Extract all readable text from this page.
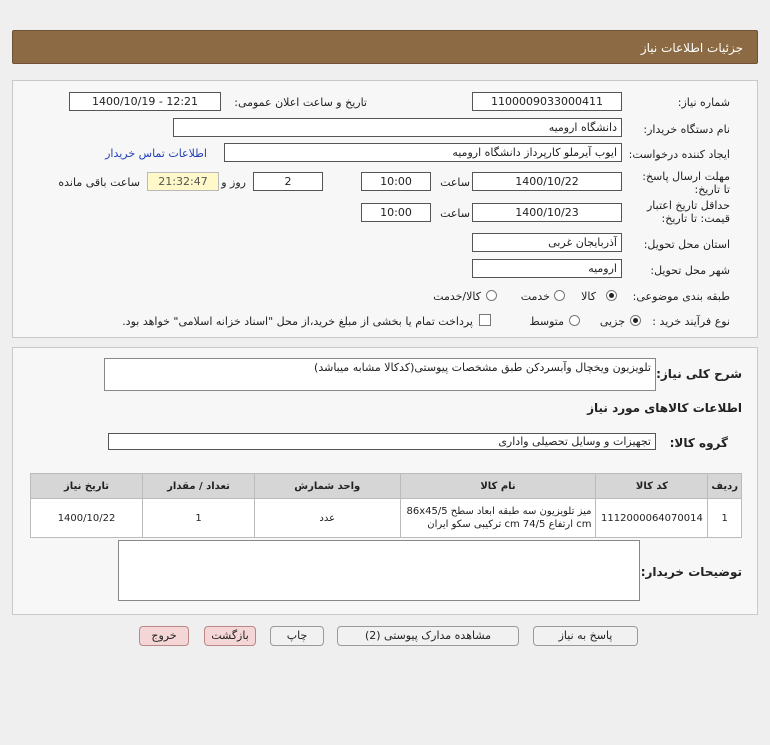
جزئیات اطلاعات نیاز
شماره نیاز:
1100009033000411
تاریخ و ساعت اعلان عمومی:
1400/10/19 - 12:21
نام دستگاه خریدار:
دانشگاه ارومیه
ایجاد کننده درخواست:
ایوب آیرملو کارپرداز دانشگاه ارومیه
اطلاعات تماس خریدار
مهلت ارسال پاسخ: تا تاریخ:
1400/10/22
ساعت
10:00
2
روز و
21:32:47
ساعت باقی مانده
حداقل تاریخ اعتبار قیمت: تا تاریخ:
1400/10/23
ساعت
10:00
استان محل تحویل:
آذربایجان غربی
شهر محل تحویل:
ارومیه
طبقه بندی موضوعی:
کالا
خدمت
کالا/خدمت
نوع فرآیند خرید :
جزیی
متوسط
پرداخت تمام یا بخشی از مبلغ خرید،از محل "اسناد خزانه اسلامی" خواهد بود.
شرح کلی نیاز:
تلویزیون ویخچال وآبسردکن طبق مشخصات پیوستی(کدکالا مشابه میباشد)
اطلاعات کالاهای مورد نیاز
گروه کالا:
تجهیزات و وسایل تحصیلی واداری
ردیف	کد کالا	نام کالا	واحد شمارش	تعداد / مقدار	تاریخ نیاز
1	1112000064070014	میز تلویزیون سه طبقه ابعاد سطح 86x45/5 cm ارتفاع 74/5 cm ترکیبی سکو ایران	عدد	1	1400/10/22
توضیحات خریدار:
پاسخ به نیاز
مشاهده مدارک پیوستی (2)
چاپ
بازگشت
خروج
